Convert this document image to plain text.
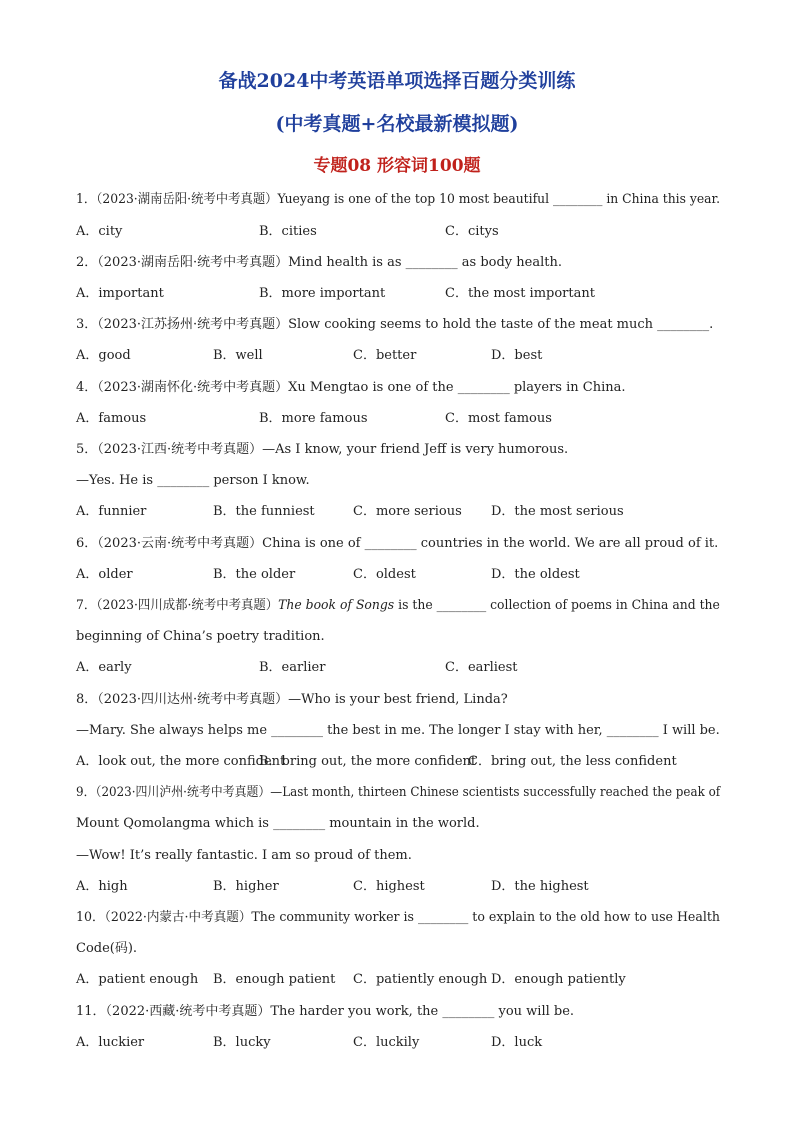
备战2024中考英语单项选择百题分类训练
(中考真题+名校最新模拟题)
专题08 形容词100题
1．（2023·湖南岳阳·统考中考真题）Yueyang is one of the top 10 most beautiful ________ in China this year.
A．city	B．cities	C．citys
2．（2023·湖南岳阳·统考中考真题）Mind health is as ________ as body health.
A．important	B．more important	C．the most important
3．（2023·江苏扬州·统考中考真题）Slow cooking seems to hold the taste of the meat much ________.
A．good	B．well	C．better	D．best
4．（2023·湖南怀化·统考中考真题）Xu Mengtao is one of the ________ players in China.
A．famous	B．more famous	C．most famous
5．（2023·江西·统考中考真题）—As I know, your friend Jeff is very humorous.
—Yes. He is ________ person I know.
A．funnier	B．the funniest	C．more serious D．the most serious
6．（2023·云南·统考中考真题）China is one of ________ countries in the world. We are all proud of it.
A．older	B．the older	C．oldest	D．the oldest
7．（2023·四川成都·统考中考真题）The book of Songs is the ________ collection of poems in China and the
beginning of China’s poetry tradition.
A．early	B．earlier	C．earliest
8．（2023·四川达州·统考中考真题）—Who is your best friend, Linda?
—Mary. She always helps me ________ the best in me. The longer I stay with her, ________ I will be.
A．look out, the more confident
B．bring out, the more confident
C．bring out, the less confident
9．（2023·四川泸州·统考中考真题）—Last month, thirteen Chinese scientists successfully reached the peak of
Mount Qomolangma which is ________ mountain in the world.
—Wow! It’s really fantastic. I am so proud of them.
A．high	B．higher	C．highest	D．the highest
10．（2022·内蒙古·中考真题）The community worker is ________ to explain to the old how to use Health
Code(码).
A．patient enough B．enough patient C．patiently enough D．enough patiently
11．（2022·西藏·统考中考真题）The harder you work, the ________ you will be.
A．luckier	B．lucky	C．luckily	D．luck
